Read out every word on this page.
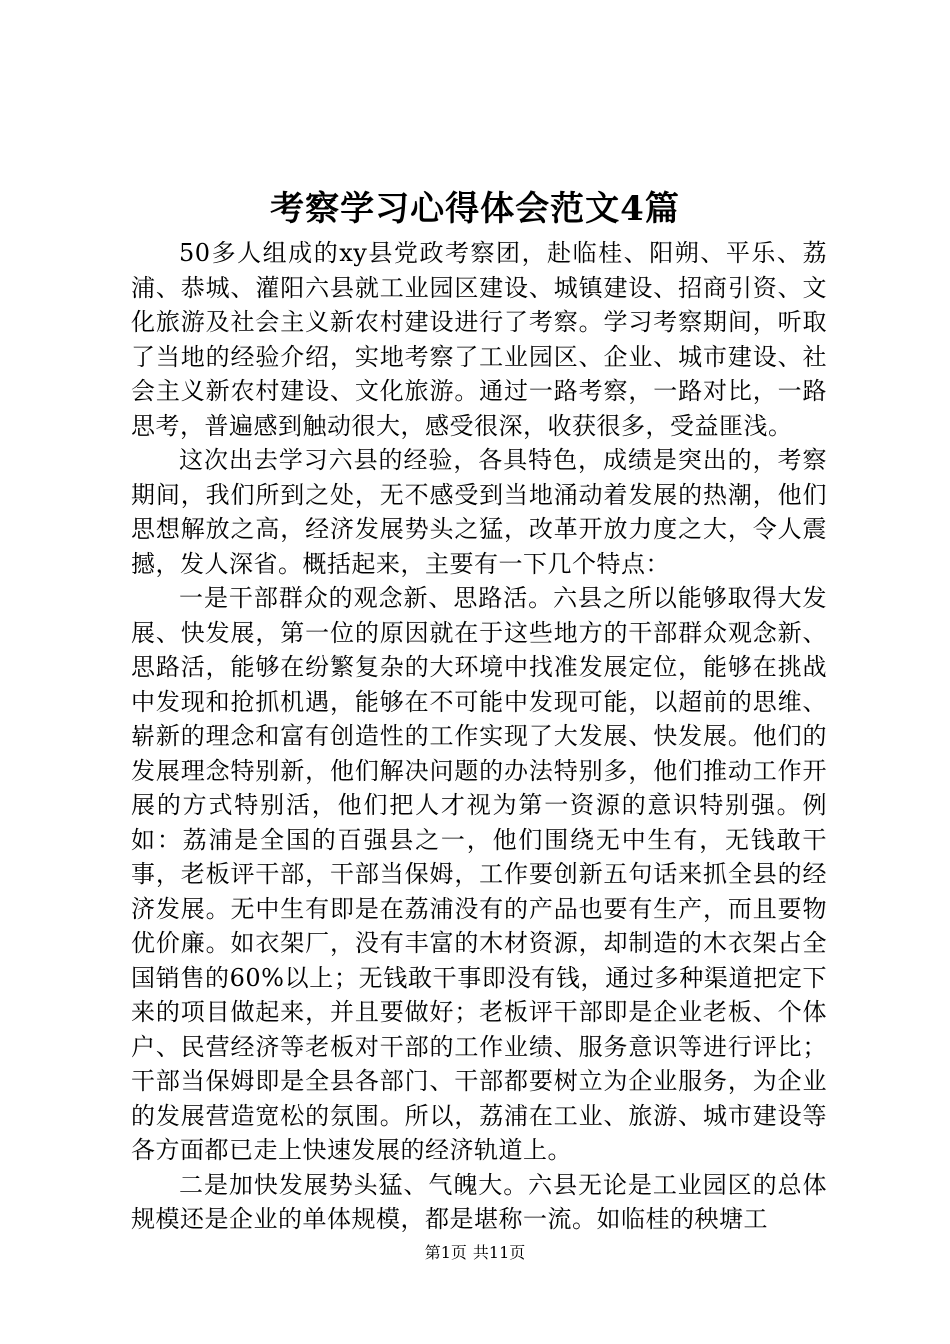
考察学习心得体会范文4篇

50多人组成的xy县党政考察团，赴临桂、阳朔、平乐、荔浦、恭城、灌阳六县就工业园区建设、城镇建设、招商引资、文化旅游及社会主义新农村建设进行了考察。学习考察期间，听取了当地的经验介绍，实地考察了工业园区、企业、城市建设、社会主义新农村建设、文化旅游。通过一路考察，一路对比，一路思考，普遍感到触动很大，感受很深，收获很多，受益匪浅。

这次出去学习六县的经验，各具特色，成绩是突出的，考察期间，我们所到之处，无不感受到当地涌动着发展的热潮，他们思想解放之高，经济发展势头之猛，改革开放力度之大，令人震撼，发人深省。概括起来，主要有一下几个特点：

一是干部群众的观念新、思路活。六县之所以能够取得大发展、快发展，第一位的原因就在于这些地方的干部群众观念新、思路活，能够在纷繁复杂的大环境中找准发展定位，能够在挑战中发现和抢抓机遇，能够在不可能中发现可能，以超前的思维、崭新的理念和富有创造性的工作实现了大发展、快发展。他们的发展理念特别新，他们解决问题的办法特别多，他们推动工作开展的方式特别活，他们把人才视为第一资源的意识特别强。例如：荔浦是全国的百强县之一，他们围绕无中生有，无钱敢干事，老板评干部，干部当保姆，工作要创新五句话来抓全县的经济发展。无中生有即是在荔浦没有的产品也要有生产，而且要物优价廉。如衣架厂，没有丰富的木材资源，却制造的木衣架占全国销售的60%以上；无钱敢干事即没有钱，通过多种渠道把定下来的项目做起来，并且要做好；老板评干部即是企业老板、个体户、民营经济等老板对干部的工作业绩、服务意识等进行评比；干部当保姆即是全县各部门、干部都要树立为企业服务，为企业的发展营造宽松的氛围。所以，荔浦在工业、旅游、城市建设等各方面都已走上快速发展的经济轨道上。

二是加快发展势头猛、气魄大。六县无论是工业园区的总体规模还是企业的单体规模，都是堪称一流。如临桂的秧塘工

第1页 共11页
